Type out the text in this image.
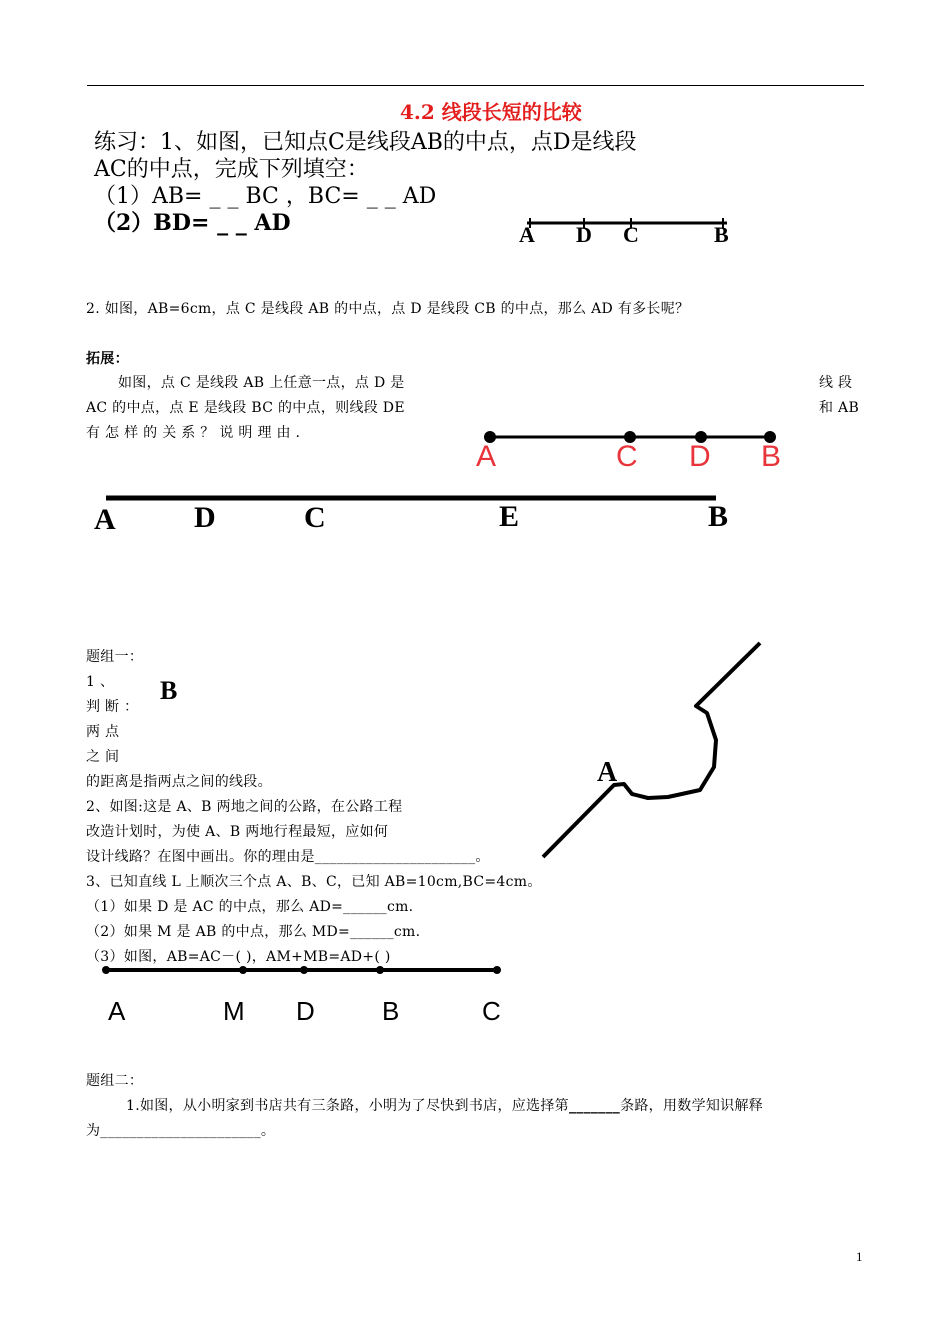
4.2 线段长短的比较
练习：1、如图，已知点C是线段AB的中点，点D是线段
AC的中点，完成下列填空：
（1）AB= _ _ BC ，BC= _ _ AD
（2）BD= _ _ AD	A D C	B
2. 如图，AB=6cm，点 C 是线段 AB 的中点，点 D 是线段 CB 的中点，那么 AD 有多长呢？
拓展：
如图，点 C 是线段 AB 上任意一点，点 D 是	线 段
AC 的中点，点 E 是线段 BC 的中点，则线段 DE	和 AB
有 怎 样 的 关 系 ？ 说 明 理 由 .
A	C D B
A	D	C	E	B
题组一：
1 、
判 断 ：
两 点
之 间
的距离是指两点之间的线段。
2、如图:这是 A、B 两地之间的公路，在公路工程
改造计划时，为使 A、B 两地行程最短，应如何
设计线路？在图中画出。你的理由是______________________。
A
B
3、已知直线 L 上顺次三个点 A、B、C，已知 AB=10cm,BC=4cm。
（1）如果 D 是 AC 的中点，那么 AD=______cm.
（2）如果 M 是 AB 的中点，那么 MD=______cm.
（3）如图，AB=AC－( )，AM+MB=AD+( )
A	M D	B	C
题组二：
1.如图，从小明家到书店共有三条路，小明为了尽快到书店，应选择第_______条路，用数学知识解释
为______________________。
1
